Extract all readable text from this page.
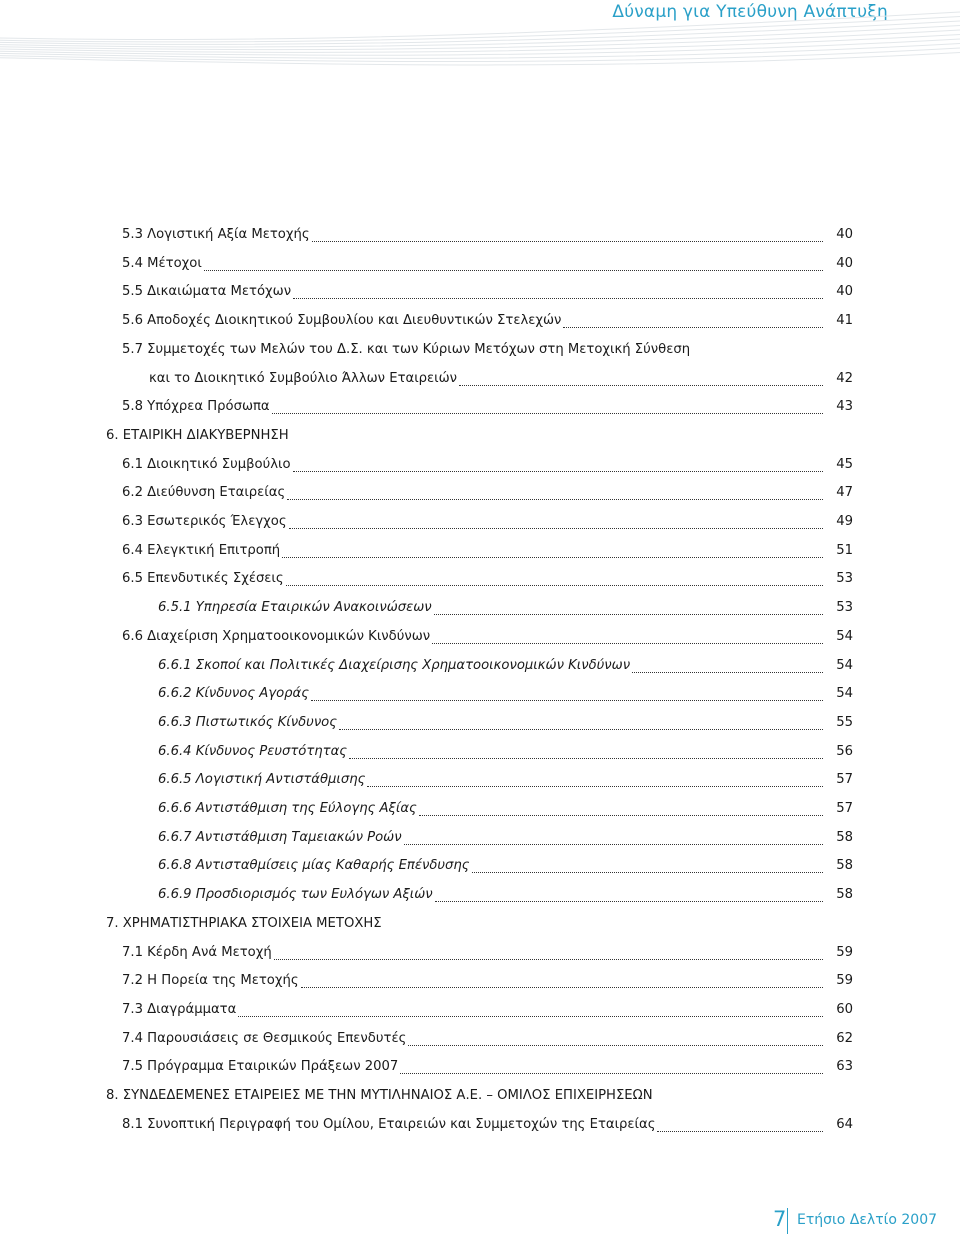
Δύναμη για Υπεύθυνη Ανάπτυξη
5.3 Λογιστική Αξία Μετοχής	40
5.4 Μέτοχοι	40
5.5 Δικαιώματα Μετόχων	40
5.6 Αποδοχές Διοικητικού Συμβουλίου και Διευθυντικών Στελεχών	41
5.7 Συμμετοχές των Μελών του Δ.Σ. και των Κύριων Μετόχων στη Μετοχική Σύνθεση
και το Διοικητικό Συμβούλιο Άλλων Εταιρειών	42
5.8 Υπόχρεα Πρόσωπα	43
6. ΕΤΑΙΡΙΚΗ ΔΙΑΚΥΒΕΡΝΗΣΗ
6.1 Διοικητικό Συμβούλιο	45
6.2 Διεύθυνση Εταιρείας	47
6.3 Εσωτερικός Έλεγχος	49
6.4 Ελεγκτική Επιτροπή	51
6.5 Επενδυτικές Σχέσεις	53
6.5.1 Υπηρεσία Εταιρικών Ανακοινώσεων	53
6.6 Διαχείριση Χρηματοοικονομικών Κινδύνων	54
6.6.1 Σκοποί και Πολιτικές Διαχείρισης Χρηματοοικονομικών Κινδύνων	54
6.6.2 Κίνδυνος Αγοράς	54
6.6.3 Πιστωτικός Κίνδυνος	55
6.6.4 Κίνδυνος Ρευστότητας	56
6.6.5 Λογιστική Αντιστάθμισης	57
6.6.6 Αντιστάθμιση της Εύλογης Αξίας	57
6.6.7 Αντιστάθμιση Ταμειακών Ροών	58
6.6.8 Αντισταθμίσεις μίας Καθαρής Επένδυσης	58
6.6.9 Προσδιορισμός των Ευλόγων Αξιών	58
7. ΧΡΗΜΑΤΙΣΤΗΡΙΑΚΑ ΣΤΟΙΧΕΙΑ ΜΕΤΟΧΗΣ
7.1 Κέρδη Ανά Μετοχή	59
7.2 Η Πορεία της Μετοχής	59
7.3 Διαγράμματα	60
7.4 Παρουσιάσεις σε Θεσμικούς Επενδυτές	62
7.5 Πρόγραμμα Εταιρικών Πράξεων 2007	63
8. ΣΥΝΔΕΔΕΜΕΝΕΣ ΕΤΑΙΡΕΙΕΣ ΜΕ ΤΗΝ ΜΥΤΙΛΗΝΑΙΟΣ Α.Ε. – ΟΜΙΛΟΣ ΕΠΙΧΕΙΡΗΣΕΩΝ
8.1 Συνοπτική Περιγραφή του Ομίλου, Εταιρειών και Συμμετοχών της Εταιρείας	64
7 Ετήσιο Δελτίο 2007
